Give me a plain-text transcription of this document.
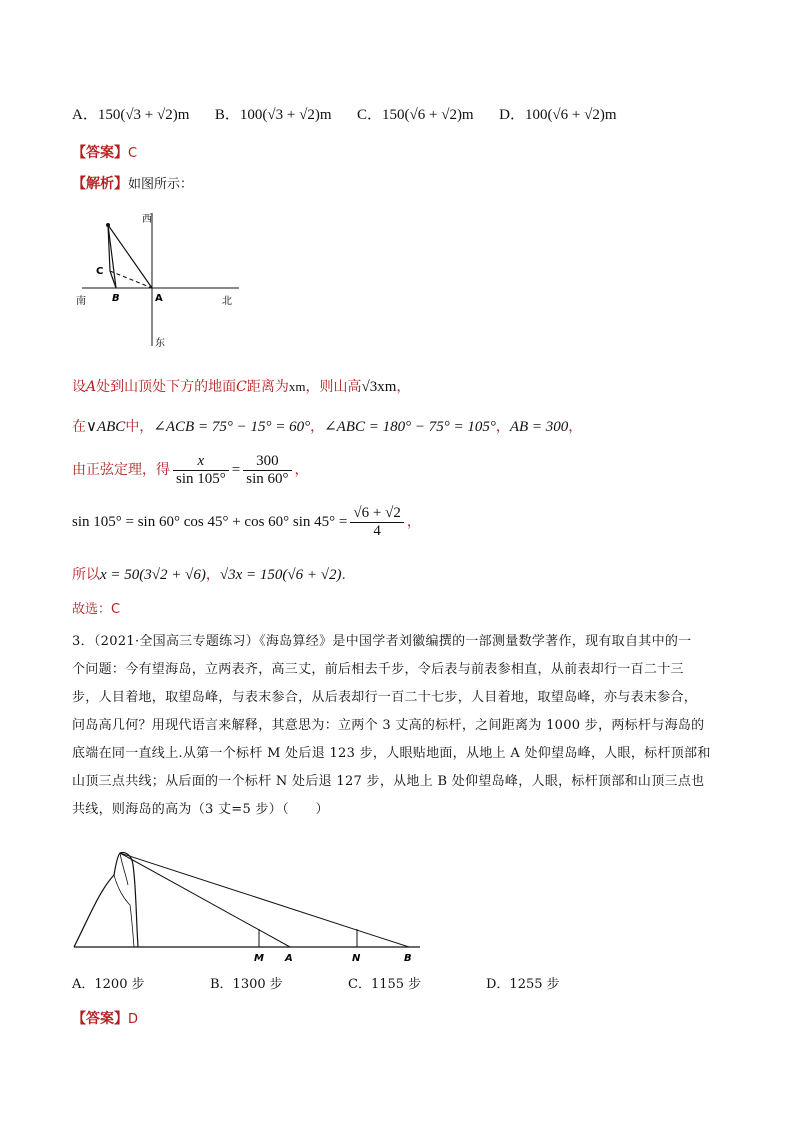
A．150(√3 + √2)m B．100(√3 + √2)m C．150(√6 + √2)m D．100(√6 + √2)m
【答案】C
【解析】如图所示：
西
南	北
东
C
B	A
设A处到山顶处下方的地面C距离为xm，则山高√3xm，
在∨ABC中，∠ACB = 75° − 15° = 60°，∠ABC = 180° − 75° = 105°，AB = 300，
由正弦定理，得 $\frac{x}{\sin 105^\circ} = \frac{300}{\sin 60^\circ}$ ，
sin 105° = sin 60° cos 45° + cos 60° $\sin 45^\circ = \frac{√6 + √2}{4}$ ，
所以x = 50(3√2 + √6)，√3x = 150(√6 + √2)．
故选：C
3．（2021·全国高三专题练习）《海岛算经》是中国学者刘徽编撰的一部测量数学著作，现有取自其中的一
个问题：今有望海岛，立两表齐，高三丈，前后相去千步，令后表与前表参相直，从前表却行一百二十三
步，人目着地，取望岛峰，与表末参合，从后表却行一百二十七步，人目着地，取望岛峰，亦与表末参合，
问岛高几何？用现代语言来解释，其意思为：立两个 3 丈高的标杆，之间距离为 1000 步，两标杆与海岛的
底端在同一直线上.从第一个标杆 M 处后退 123 步，人眼贴地面，从地上 A 处仰望岛峰，人眼，标杆顶部和
山顶三点共线；从后面的一个标杆 N 处后退 127 步，从地上 B 处仰望岛峰，人眼，标杆顶部和山顶三点也
共线，则海岛的高为（3 丈=5 步）（　　）
M A	N	B
A．1200 步	B．1300 步	C．1155 步	D．1255 步
【答案】D
